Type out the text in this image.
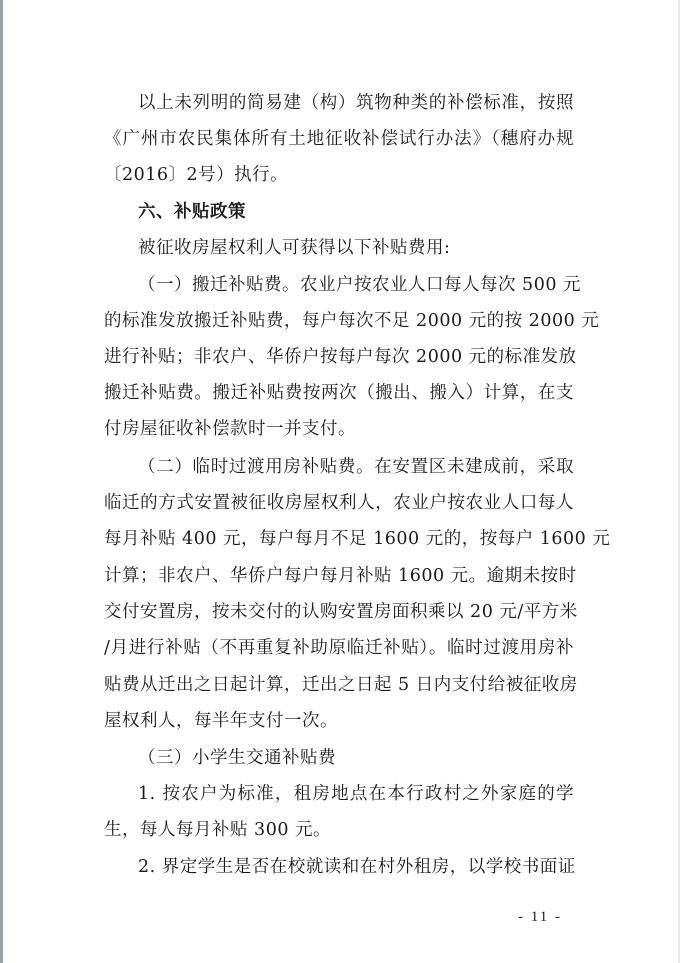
以上未列明的简易建（构）筑物种类的补偿标准，按照
《广州市农民集体所有土地征收补偿试行办法》（穗府办规
〔2016〕2号）执行。
六、补贴政策
被征收房屋权利人可获得以下补贴费用:
（一）搬迁补贴费。农业户按农业人口每人每次 500 元
的标准发放搬迁补贴费，每户每次不足 2000 元的按 2000 元
进行补贴；非农户、华侨户按每户每次 2000 元的标准发放
搬迁补贴费。搬迁补贴费按两次（搬出、搬入）计算，在支
付房屋征收补偿款时一并支付。
（二）临时过渡用房补贴费。在安置区未建成前，采取
临迁的方式安置被征收房屋权利人，农业户按农业人口每人
每月补贴 400 元，每户每月不足 1600 元的，按每户 1600 元
计算；非农户、华侨户每户每月补贴 1600 元。逾期未按时
交付安置房，按未交付的认购安置房面积乘以 20 元/平方米
/月进行补贴（不再重复补助原临迁补贴）。临时过渡用房补
贴费从迁出之日起计算，迁出之日起 5 日内支付给被征收房
屋权利人，每半年支付一次。
（三）小学生交通补贴费
1. 按农户为标准，租房地点在本行政村之外家庭的学
生，每人每月补贴 300 元。
2. 界定学生是否在校就读和在村外租房，以学校书面证
- 11 -
